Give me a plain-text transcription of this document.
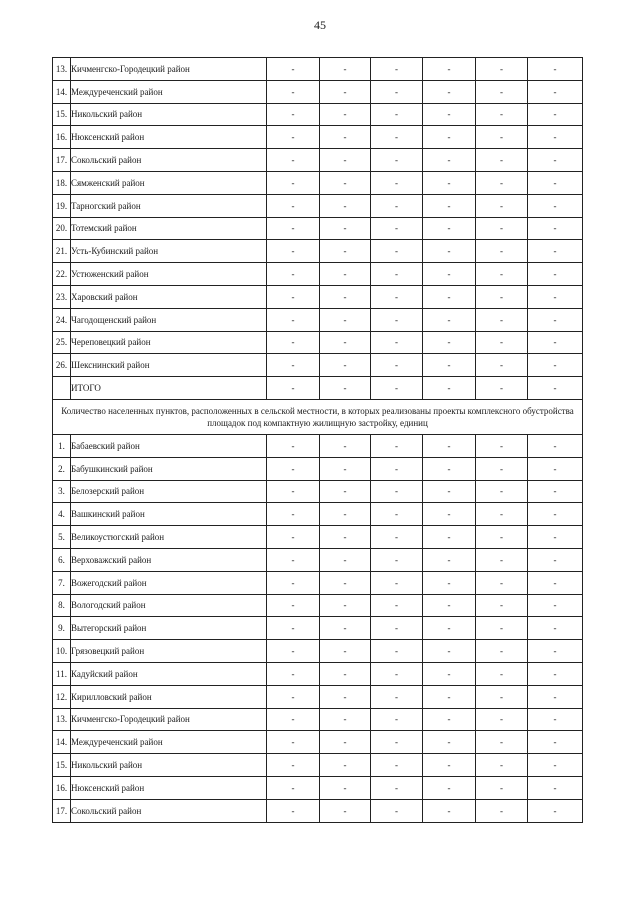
45
13.	Кичменгско-Городецкий район	-	-	-	-	-	-
14.	Междуреченский район	-	-	-	-	-	-
15.	Никольский район	-	-	-	-	-	-
16.	Нюксенский район	-	-	-	-	-	-
17.	Сокольский район	-	-	-	-	-	-
18.	Сямженский район	-	-	-	-	-	-
19.	Тарногский район	-	-	-	-	-	-
20.	Тотемский район	-	-	-	-	-	-
21.	Усть-Кубинский район	-	-	-	-	-	-
22.	Устюженский район	-	-	-	-	-	-
23.	Харовский район	-	-	-	-	-	-
24.	Чагодощенский район	-	-	-	-	-	-
25.	Череповецкий район	-	-	-	-	-	-
26.	Шекснинский район	-	-	-	-	-	-
	ИТОГО	-	-	-	-	-	-
Количество населенных пунктов, расположенных в сельской местности, в которых реализованы проекты комплексного обустройства площадок под компактную жилищную застройку, единиц							
1.	Бабаевский район	-	-	-	-	-	-
2.	Бабушкинский район	-	-	-	-	-	-
3.	Белозерский район	-	-	-	-	-	-
4.	Вашкинский район	-	-	-	-	-	-
5.	Великоустюгский район	-	-	-	-	-	-
6.	Верховажский район	-	-	-	-	-	-
7.	Вожегодский район	-	-	-	-	-	-
8.	Вологодский район	-	-	-	-	-	-
9.	Вытегорский район	-	-	-	-	-	-
10.	Грязовецкий район	-	-	-	-	-	-
11.	Кадуйский район	-	-	-	-	-	-
12.	Кирилловский район	-	-	-	-	-	-
13.	Кичменгско-Городецкий район	-	-	-	-	-	-
14.	Междуреченский район	-	-	-	-	-	-
15.	Никольский район	-	-	-	-	-	-
16.	Нюксенский район	-	-	-	-	-	-
17.	Сокольский район	-	-	-	-	-	-
